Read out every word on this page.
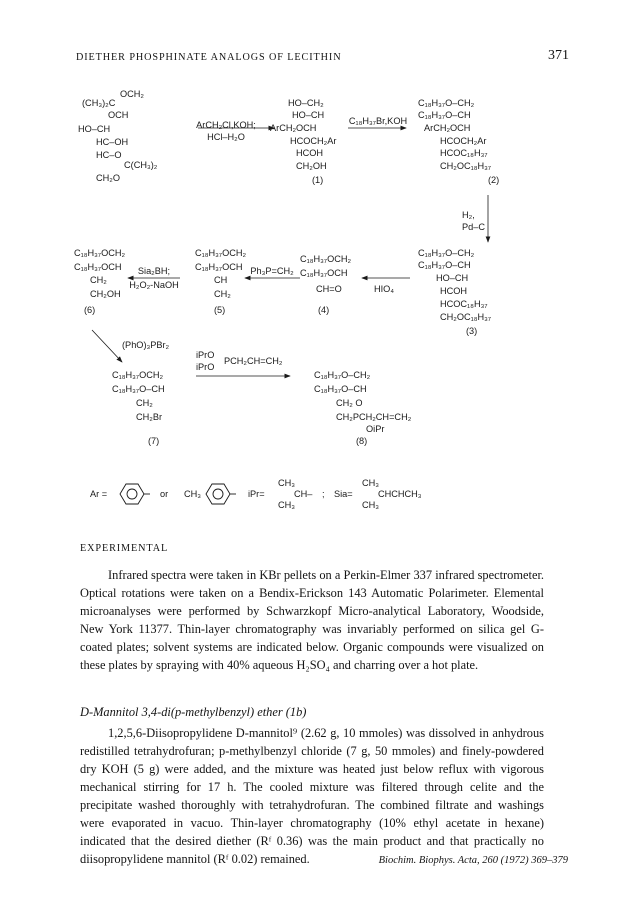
DIETHER PHOSPHINATE ANALOGS OF LECITHIN	371
(CH₃)₂C
OCH₂
OCH
HO–CH
HC–OH
HC–O
C(CH₃)₂
CH₂O
HO–CH₂
HO–CH
ArCH₂OCH
HCOCH₂Ar
HCOH
CH₂OH
C₁₈H₃₇O–CH₂
C₁₈H₃₇O–CH
ArCH₂OCH
HCOCH₂Ar
HCOC₁₈H₃₇
CH₂OC₁₈H₃₇
C₁₈H₃₇O–CH₂
C₁₈H₃₇O–CH
HO–CH
HCOH
HCOC₁₈H₃₇
CH₂OC₁₈H₃₇
C₁₈H₃₇OCH₂
C₁₈H₃₇OCH
CH=O
C₁₈H₃₇OCH₂
C₁₈H₃₇OCH
CH
CH₂
C₁₈H₃₇OCH₂
C₁₈H₃₇OCH
CH₂
CH₂OH
C₁₈H₃₇OCH₂
C₁₈H₃₇O–CH
CH₂
CH₂Br
C₁₈H₃₇O–CH₂
C₁₈H₃₇O–CH
CH₂ O
CH₂PCH₂CH=CH₂
OiPr
ArCH₂Cl,KOH;
HCl–H₂O
C₁₈H₃₇Br,KOH
H₂,
Pd–C
HIO₄
Ph₃P=CH₂
Sia₂BH;
H₂O₂-NaOH
(PhO)₃PBr₂
iPrO
iPrO
PCH₂CH=CH₂
(2)
(1)
(3)
(4)
(5)
(6)
(7)	(8)
Ar =	or CH₃	iPr=
CH₃
CH₃
CH– ; Sia=
CH₃
CH₃
CHCHCH₃
EXPERIMENTAL

Infrared spectra were taken in KBr pellets on a Perkin-Elmer 337 infrared spectrometer. Optical rotations were taken on a Bendix-Erickson 143 Automatic Polarimeter. Elemental microanalyses were performed by Schwarzkopf Micro-analytical Laboratory, Woodside, New York 11377. Thin-layer chromatography was invariably performed on silica gel G-coated plates; solvent systems are indicated below. Organic compounds were visualized on these plates by spraying with 40% aqueous H₂SO₄ and charring over a hot plate.

D-Mannitol 3,4-di(p-methylbenzyl) ether (1b)

1,2,5,6-Diisopropylidene D-mannitol⁹ (2.62 g, 10 mmoles) was dissolved in anhydrous redistilled tetrahydrofuran; p-methylbenzyl chloride (7 g, 50 mmoles) and finely-powdered dry KOH (5 g) were added, and the mixture was heated just below reflux with vigorous mechanical stirring for 17 h. The cooled mixture was filtered through celite and the precipitate washed thoroughly with tetrahydrofuran. The combined filtrate and washings were evaporated in vacuo. Thin-layer chromatography (10% ethyl acetate in hexane) indicated that the desired diether (Rᶠ 0.36) was the main product and that practically no diisopropylidene mannitol (Rᶠ 0.02) remained.	Biochim. Biophys. Acta, 260 (1972) 369–379
